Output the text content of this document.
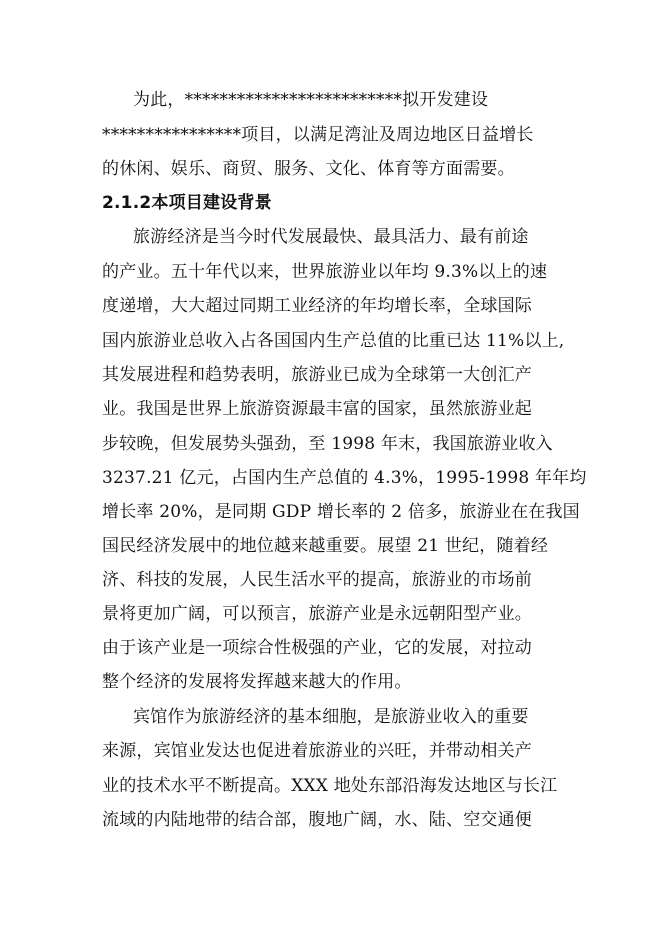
为此，*************************拟开发建设
****************项目，以满足湾沚及周边地区日益增长
的休闲、娱乐、商贸、服务、文化、体育等方面需要。
2.1.2本项目建设背景
旅游经济是当今时代发展最快、最具活力、最有前途
的产业。五十年代以来，世界旅游业以年均 9.3%以上的速
度递增，大大超过同期工业经济的年均增长率，全球国际
国内旅游业总收入占各国国内生产总值的比重已达 11%以上,
其发展进程和趋势表明，旅游业已成为全球第一大创汇产
业。我国是世界上旅游资源最丰富的国家，虽然旅游业起
步较晚，但发展势头强劲，至 1998 年末，我国旅游业收入
3237.21 亿元，占国内生产总值的 4.3%，1995-1998 年年均
增长率 20%，是同期 GDP 增长率的 2 倍多，旅游业在在我国
国民经济发展中的地位越来越重要。展望 21 世纪，随着经
济、科技的发展，人民生活水平的提高，旅游业的市场前
景将更加广阔，可以预言，旅游产业是永远朝阳型产业。
由于该产业是一项综合性极强的产业，它的发展，对拉动
整个经济的发展将发挥越来越大的作用。
宾馆作为旅游经济的基本细胞，是旅游业收入的重要
来源，宾馆业发达也促进着旅游业的兴旺，并带动相关产
业的技术水平不断提高。XXX 地处东部沿海发达地区与长江
流域的内陆地带的结合部，腹地广阔，水、陆、空交通便
